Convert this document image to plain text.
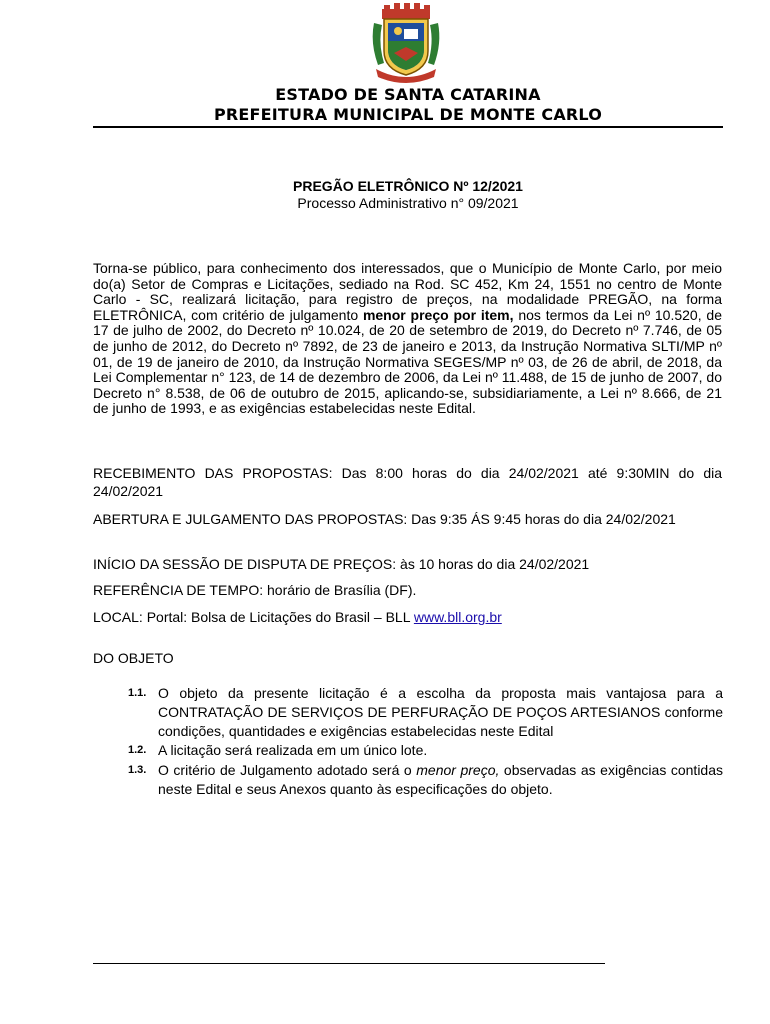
ESTADO DE SANTA CATARINA
PREFEITURA MUNICIPAL DE MONTE CARLO
PREGÃO ELETRÔNICO Nº 12/2021
Processo Administrativo n° 09/2021
Torna-se público, para conhecimento dos interessados, que o Município de Monte Carlo, por meio do(a) Setor de Compras e Licitações, sediado na Rod. SC 452, Km 24, 1551 no centro de Monte Carlo - SC, realizará licitação, para registro de preços, na modalidade PREGÃO, na forma ELETRÔNICA, com critério de julgamento menor preço por item, nos termos da Lei nº 10.520, de 17 de julho de 2002, do Decreto nº 10.024, de 20 de setembro de 2019, do Decreto nº 7.746, de 05 de junho de 2012, do Decreto nº 7892, de 23 de janeiro e 2013, da Instrução Normativa SLTI/MP nº 01, de 19 de janeiro de 2010, da Instrução Normativa SEGES/MP nº 03, de 26 de abril, de 2018, da Lei Complementar n° 123, de 14 de dezembro de 2006, da Lei nº 11.488, de 15 de junho de 2007, do Decreto n° 8.538, de 06 de outubro de 2015, aplicando-se, subsidiariamente, a Lei nº 8.666, de 21 de junho de 1993, e as exigências estabelecidas neste Edital.
RECEBIMENTO DAS PROPOSTAS: Das 8:00 horas do dia 24/02/2021 até 9:30MIN do dia 24/02/2021
ABERTURA E JULGAMENTO DAS PROPOSTAS: Das 9:35 ÁS 9:45 horas do dia 24/02/2021
INÍCIO DA SESSÃO DE DISPUTA DE PREÇOS: às 10 horas do dia 24/02/2021
REFERÊNCIA DE TEMPO: horário de Brasília (DF).
LOCAL: Portal: Bolsa de Licitações do Brasil – BLL www.bll.org.br
DO OBJETO
1.1. O objeto da presente licitação é a escolha da proposta mais vantajosa para a CONTRATAÇÃO DE SERVIÇOS DE PERFURAÇÃO DE POÇOS ARTESIANOS conforme condições, quantidades e exigências estabelecidas neste Edital
1.2. A licitação será realizada em um único lote.
1.3. O critério de Julgamento adotado será o menor preço, observadas as exigências contidas neste Edital e seus Anexos quanto às especificações do objeto.
